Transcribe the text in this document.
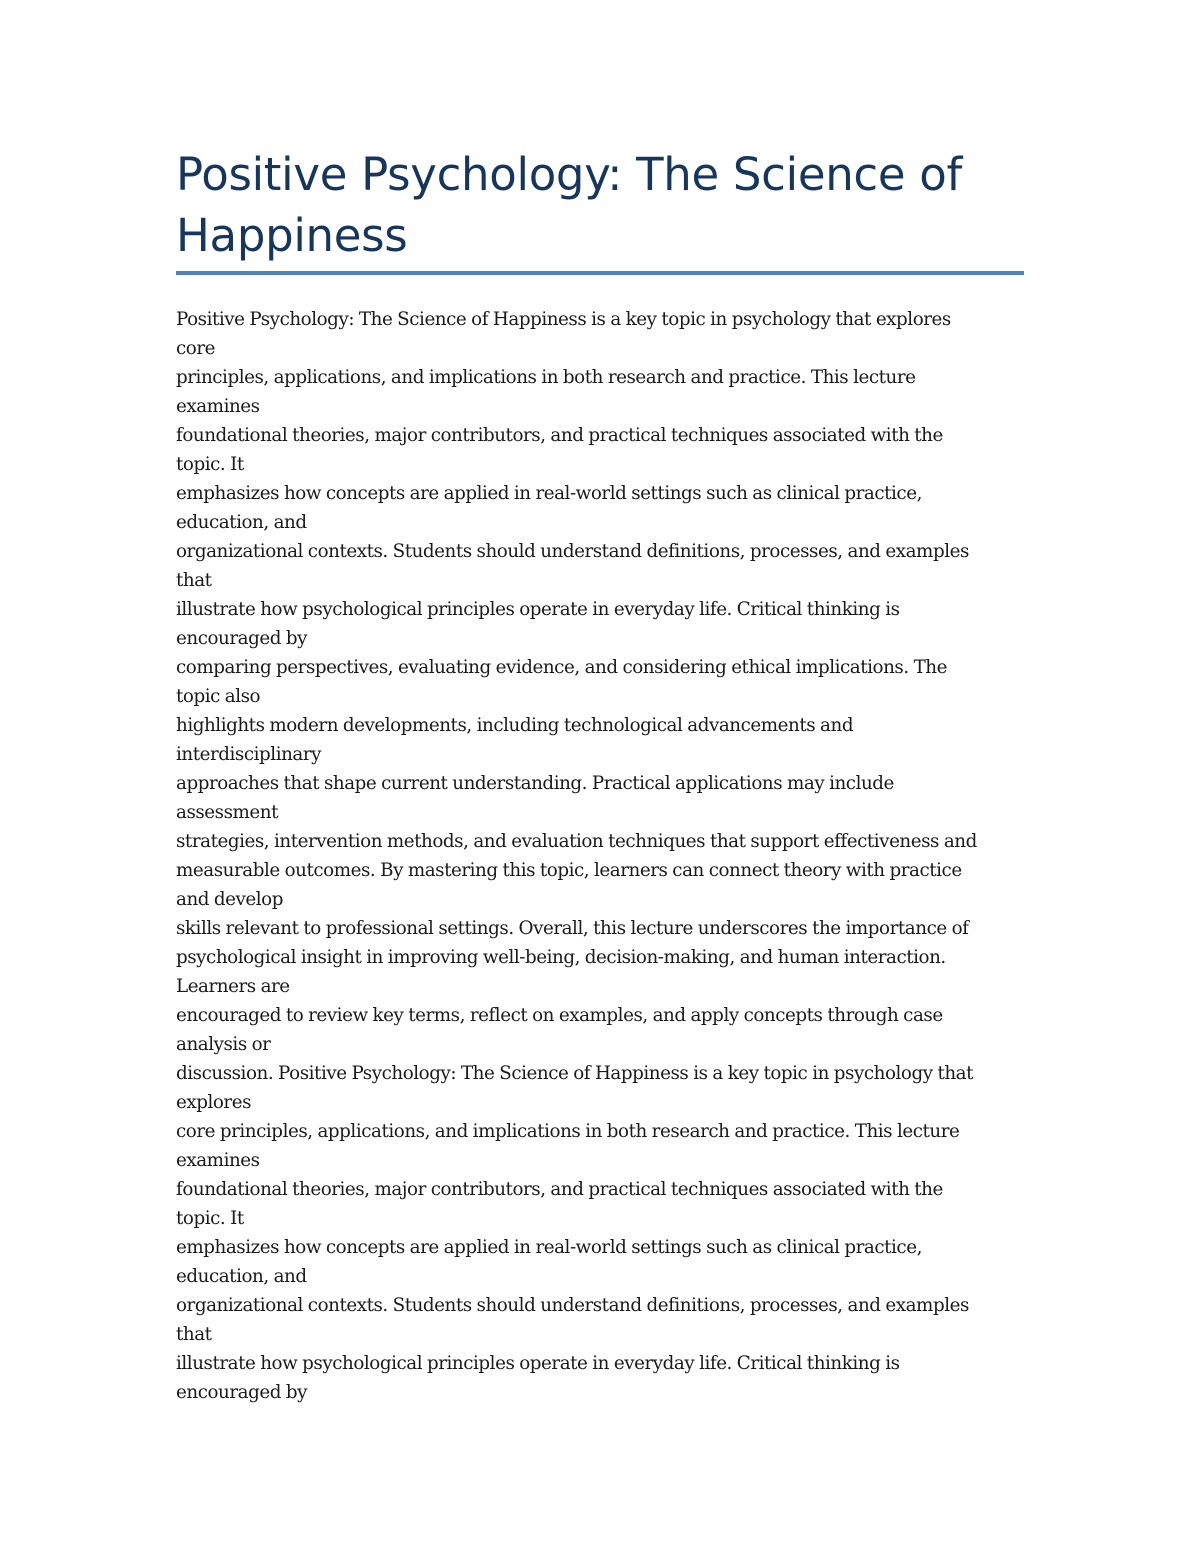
Positive Psychology: The Science of Happiness
Positive Psychology: The Science of Happiness is a key topic in psychology that explores
core
principles, applications, and implications in both research and practice. This lecture
examines
foundational theories, major contributors, and practical techniques associated with the
topic. It
emphasizes how concepts are applied in real-world settings such as clinical practice,
education, and
organizational contexts. Students should understand definitions, processes, and examples
that
illustrate how psychological principles operate in everyday life. Critical thinking is
encouraged by
comparing perspectives, evaluating evidence, and considering ethical implications. The
topic also
highlights modern developments, including technological advancements and
interdisciplinary
approaches that shape current understanding. Practical applications may include
assessment
strategies, intervention methods, and evaluation techniques that support effectiveness and
measurable outcomes. By mastering this topic, learners can connect theory with practice
and develop
skills relevant to professional settings. Overall, this lecture underscores the importance of
psychological insight in improving well-being, decision-making, and human interaction.
Learners are
encouraged to review key terms, reflect on examples, and apply concepts through case
analysis or
discussion. Positive Psychology: The Science of Happiness is a key topic in psychology that
explores
core principles, applications, and implications in both research and practice. This lecture
examines
foundational theories, major contributors, and practical techniques associated with the
topic. It
emphasizes how concepts are applied in real-world settings such as clinical practice,
education, and
organizational contexts. Students should understand definitions, processes, and examples
that
illustrate how psychological principles operate in everyday life. Critical thinking is
encouraged by
